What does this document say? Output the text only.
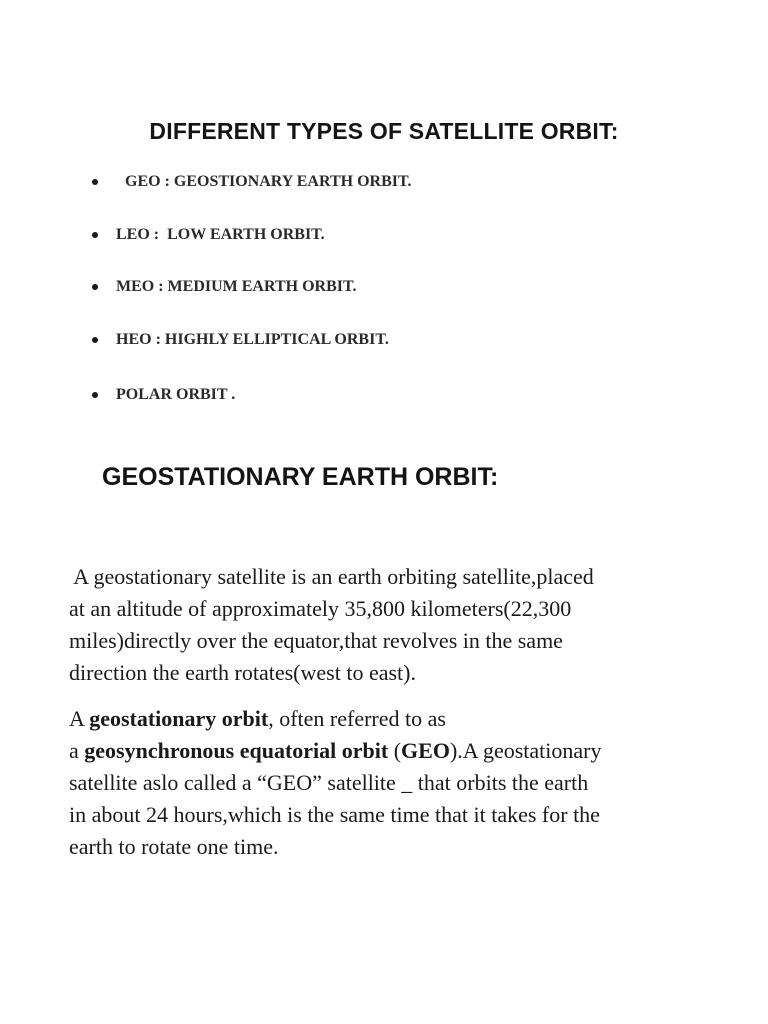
DIFFERENT TYPES OF SATELLITE ORBIT:
GEO : GEOSTIONARY EARTH ORBIT.
LEO :  LOW EARTH ORBIT.
MEO : MEDIUM EARTH ORBIT.
HEO : HIGHLY ELLIPTICAL ORBIT.
POLAR ORBIT .
GEOSTATIONARY EARTH ORBIT:

A geostationary satellite is an earth orbiting satellite,placed
at an altitude of approximately 35,800 kilometers(22,300
miles)directly over the equator,that revolves in the same
direction the earth rotates(west to east).

A geostationary orbit, often referred to as
a geosynchronous equatorial orbit (GEO).A geostationary
satellite aslo called a “GEO” satellite _ that orbits the earth
in about 24 hours,which is the same time that it takes for the
earth to rotate one time.
